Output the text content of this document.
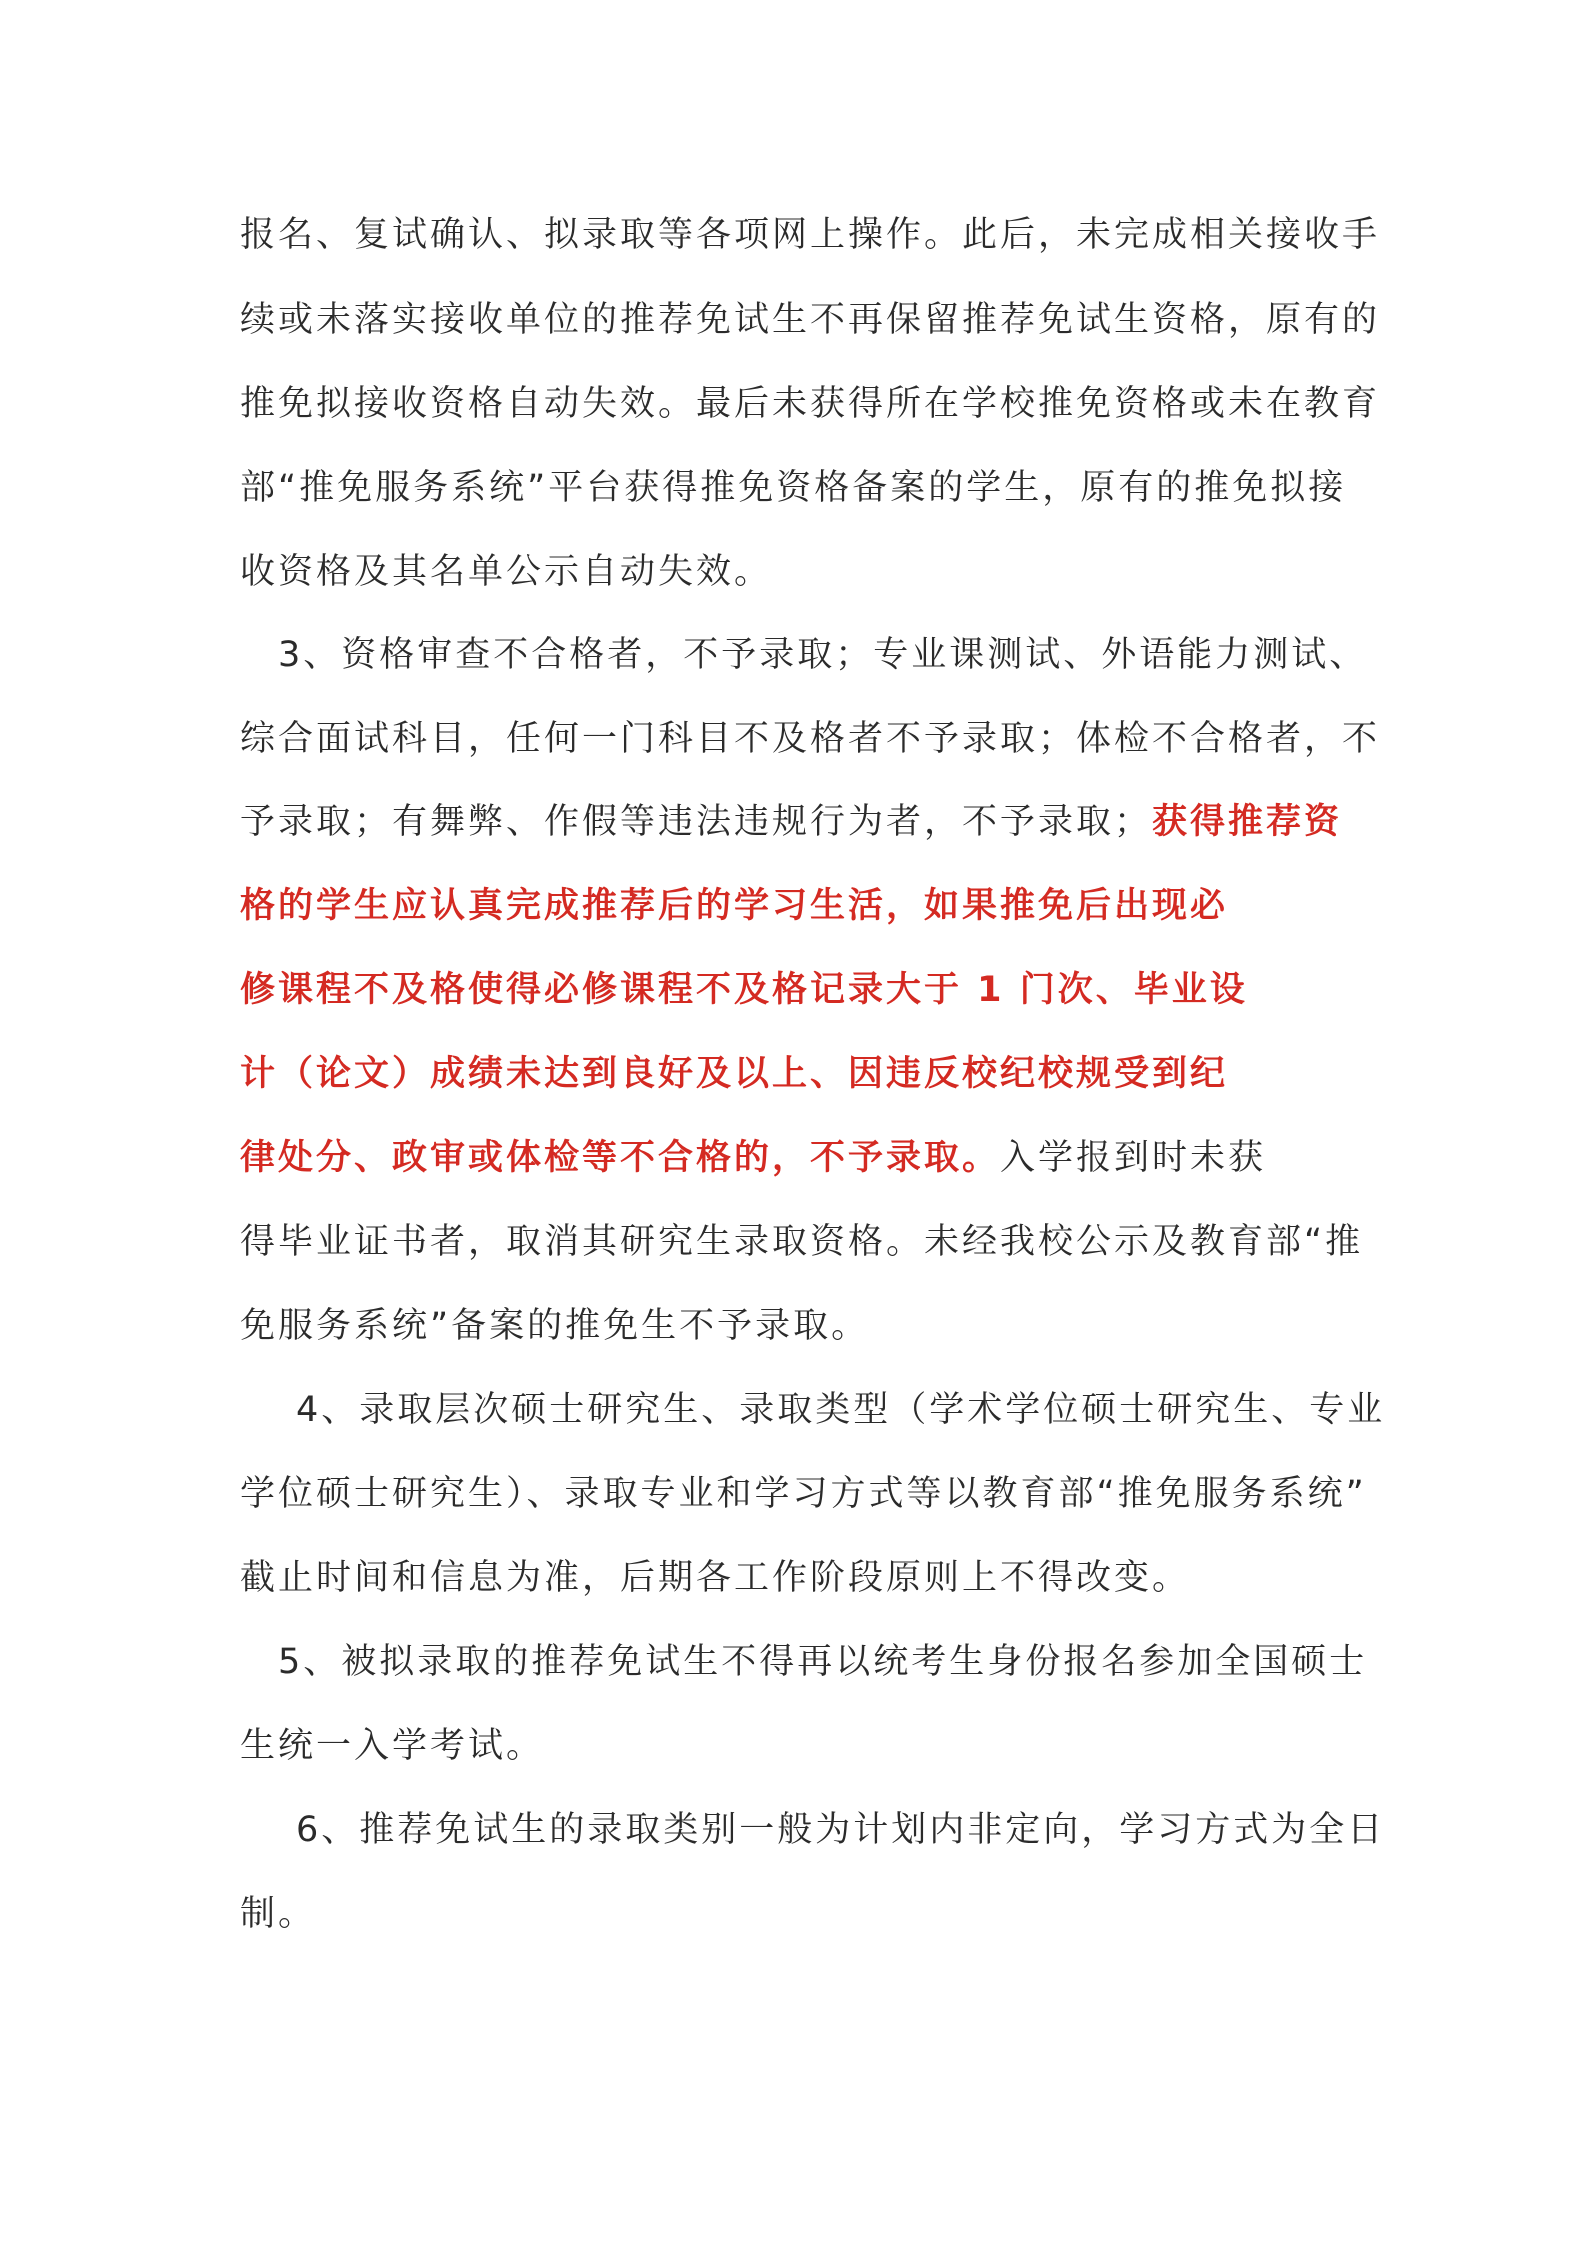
报名、复试确认、拟录取等各项网上操作。此后，未完成相关接收手
续或未落实接收单位的推荐免试生不再保留推荐免试生资格，原有的
推免拟接收资格自动失效。最后未获得所在学校推免资格或未在教育
部“推免服务系统”平台获得推免资格备案的学生，原有的推免拟接
收资格及其名单公示自动失效。
3、资格审查不合格者，不予录取；专业课测试、外语能力测试、
综合面试科目，任何一门科目不及格者不予录取；体检不合格者，不
予录取；有舞弊、作假等违法违规行为者，不予录取；获得推荐资
格的学生应认真完成推荐后的学习生活，如果推免后出现必
修课程不及格使得必修课程不及格记录大于 1 门次、毕业设
计（论文）成绩未达到良好及以上、因违反校纪校规受到纪
律处分、政审或体检等不合格的，不予录取。入学报到时未获
得毕业证书者，取消其研究生录取资格。未经我校公示及教育部“推
免服务系统”备案的推免生不予录取。
4、录取层次硕士研究生、录取类型（学术学位硕士研究生、专业
学位硕士研究生）、录取专业和学习方式等以教育部“推免服务系统”
截止时间和信息为准，后期各工作阶段原则上不得改变。
5、被拟录取的推荐免试生不得再以统考生身份报名参加全国硕士
生统一入学考试。
6、推荐免试生的录取类别一般为计划内非定向，学习方式为全日
制。
